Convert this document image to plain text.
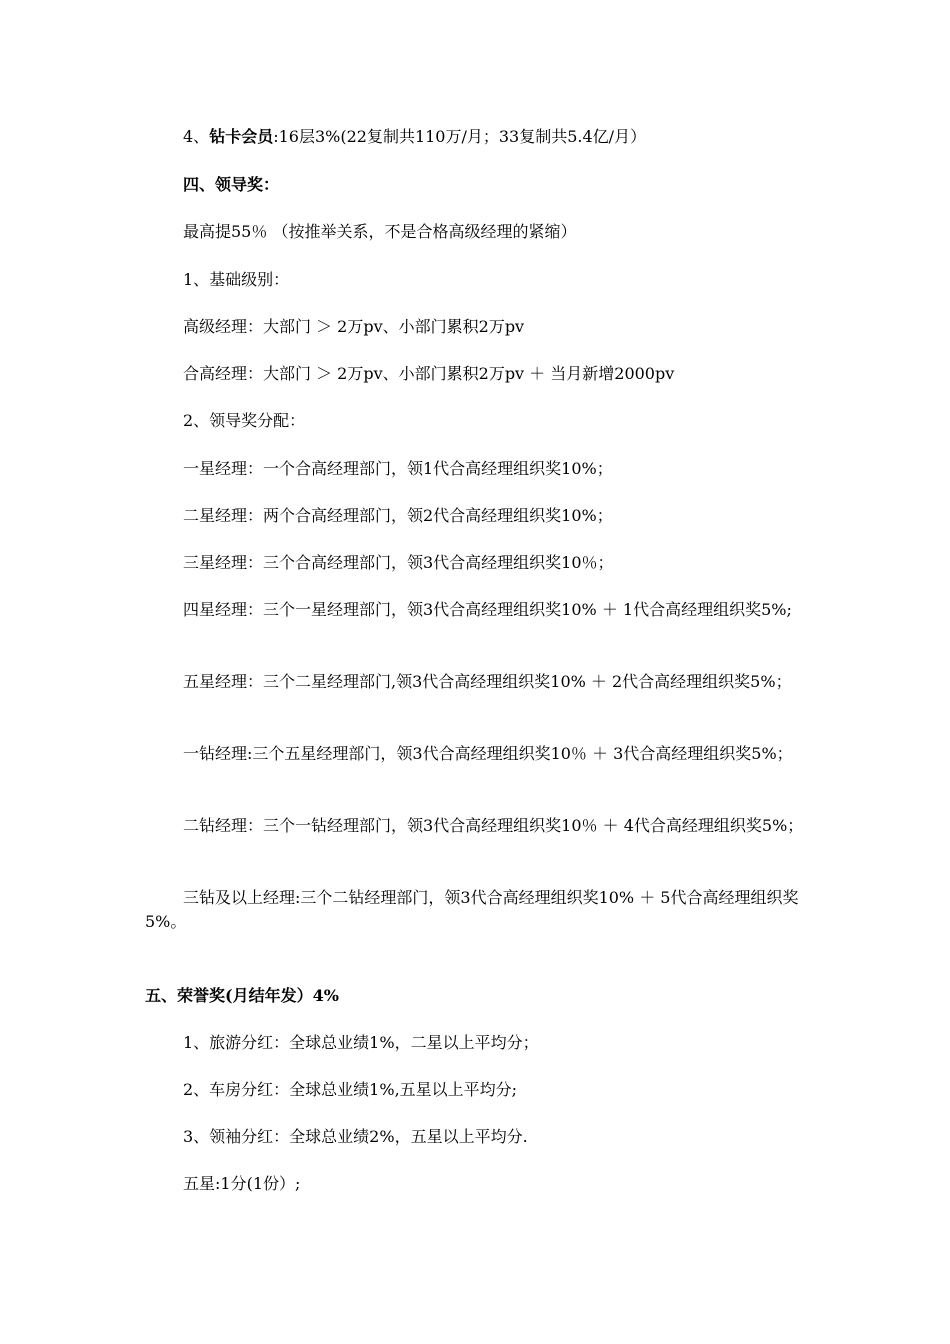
4、钻卡会员:16层3%(22复制共110万/月；33复制共5.4亿/月）
四、领导奖：
最高提55％ （按推举关系，不是合格高级经理的紧缩）
1、基础级别：
高级经理：大部门 ＞ 2万pv、小部门累积2万pv
合高经理：大部门 ＞ 2万pv、小部门累积2万pv ＋ 当月新增2000pv
2、领导奖分配：
一星经理：一个合高经理部门，领1代合高经理组织奖10%；
二星经理：两个合高经理部门，领2代合高经理组织奖10%；
三星经理：三个合高经理部门，领3代合高经理组织奖10％；
四星经理：三个一星经理部门，领3代合高经理组织奖10% ＋ 1代合高经理组织奖5%;
五星经理：三个二星经理部门,领3代合高经理组织奖10% ＋ 2代合高经理组织奖5%；
一钻经理:三个五星经理部门，领3代合高经理组织奖10％ ＋ 3代合高经理组织奖5%；
二钻经理：三个一钻经理部门，领3代合高经理组织奖10％ ＋ 4代合高经理组织奖5%；
三钻及以上经理:三个二钻经理部门，领3代合高经理组织奖10% ＋ 5代合高经理组织奖5%。
五、荣誉奖(月结年发）4%
1、旅游分红：全球总业绩1%，二星以上平均分；
2、车房分红：全球总业绩1%,五星以上平均分;
3、领袖分红：全球总业绩2%，五星以上平均分.
五星:1分(1份）;
